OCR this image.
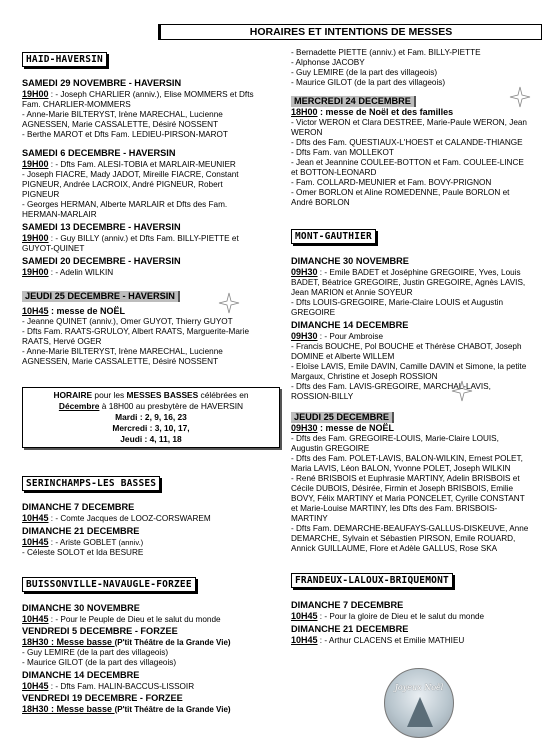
HORAIRES ET INTENTIONS DE MESSES
HAID-HAVERSIN
SAMEDI 29 NOVEMBRE - HAVERSIN
19H00 : - Joseph CHARLIER (anniv.), Elise MOMMERS et Dfts
Fam. CHARLIER-MOMMERS
- Anne-Marie BILTERYST, Irène MARECHAL, Lucienne
AGNESSEN, Marie CASSALETTE, Désiré NOSSENT
- Berthe MAROT et Dfts Fam. LEDIEU-PIRSON-MAROT
SAMEDI 6 DECEMBRE - HAVERSIN
19H00 : - Dfts Fam. ALESI-TOBIA et MARLAIR-MEUNIER
- Joseph FIACRE, Mady JADOT, Mireille FIACRE, Constant
PIGNEUR, Andrée LACROIX, André PIGNEUR, Robert
PIGNEUR
- Georges HERMAN, Alberte MARLAIR et Dfts des Fam.
HERMAN-MARLAIR
SAMEDI 13 DECEMBRE - HAVERSIN
19H00 : - Guy BILLY (anniv.) et Dfts Fam. BILLY-PIETTE et
GUYOT-QUINET
SAMEDI 20 DECEMBRE - HAVERSIN
19H00 : - Adelin WILKIN
JEUDI 25 DECEMBRE - HAVERSIN
10H45 : messe de NOËL
- Jeanne QUINET (anniv.), Omer GUYOT, Thierry GUYOT
- Dfts Fam. RAATS-GRULOY, Albert RAATS, Marguerite-Marie
RAATS, Hervé OGER
- Anne-Marie BILTERYST, Irène MARECHAL, Lucienne
AGNESSEN, Marie CASSALETTE, Désiré NOSSENT
HORAIRE pour les MESSES BASSES célébrées en
Décembre à 18H00 au presbytère de HAVERSIN
Mardi : 2, 9, 16, 23
Mercredi : 3, 10, 17,
Jeudi : 4, 11, 18
SERINCHAMPS-LES BASSES
DIMANCHE 7 DECEMBRE
10H45 : - Comte Jacques de LOOZ-CORSWAREM
DIMANCHE 21 DECEMBRE
10H45 : - Ariste GOBLET (anniv.)
- Céleste SOLOT et Ida BESURE
BUISSONVILLE-NAVAUGLE-FORZEE
DIMANCHE 30 NOVEMBRE
10H45 : - Pour le Peuple de Dieu et le salut du monde
VENDREDI 5 DECEMBRE - FORZEE
18H30 : Messe basse (P'tit Théâtre de la Grande Vie)
- Guy LEMIRE (de la part des villageois)
- Maurice GILOT (de la part des villageois)
DIMANCHE 14 DECEMBRE
10H45 : - Dfts Fam. HALIN-BACCUS-LISSOIR
VENDREDI 19 DECEMBRE - FORZEE
18H30 : Messe basse (P'tit Théâtre de la Grande Vie)
- Bernadette PIETTE (anniv.) et Fam. BILLY-PIETTE
- Alphonse JACOBY
- Guy LEMIRE (de la part des villageois)
- Maurice GILOT (de la part des villageois)
MERCREDI 24 DECEMBRE
18H00 : messe de Noël et des familles
- Victor WERON et Clara DESTREE, Marie-Paule WERON, Jean
WERON
- Dfts des Fam. QUESTIAUX-L'HOEST et CALANDE-THIANGE
- Dfts Fam. van MOLLEKOT
- Jean et Jeannine COULEE-BOTTON et Fam. COULEE-LINCE
et BOTTON-LEONARD
- Fam. COLLARD-MEUNIER et Fam. BOVY-PRIGNON
- Omer BORLON et Aline ROMEDENNE, Paule BORLON et
André BORLON
MONT-GAUTHIER
DIMANCHE 30 NOVEMBRE
09H30 : - Emile BADET et Joséphine GREGOIRE, Yves, Louis
BADET, Béatrice GREGOIRE, Justin GREGOIRE, Agnès LAVIS,
Jean MARION et Annie SOYEUR
- Dfts LOUIS-GREGOIRE, Marie-Claire LOUIS et Augustin
GREGOIRE
DIMANCHE 14 DECEMBRE
09H30 : - Pour Ambroise
- Francis BOUCHE, Pol BOUCHE et Thérèse CHABOT, Joseph
DOMINE et Alberte WILLEM
- Eloïse LAVIS, Emile DAVIN, Camille DAVIN et Simone, la petite
Margaux, Christine et Joseph ROSSION
- Dfts des Fam. LAVIS-GREGOIRE, MARCHAL-LAVIS,
ROSSION-BILLY
JEUDI 25 DECEMBRE
09H30 : messe de NOËL
- Dfts des Fam. GREGOIRE-LOUIS, Marie-Claire LOUIS,
Augustin GREGOIRE
- Dfts des Fam. POLET-LAVIS, BALON-WILKIN, Ernest POLET,
Maria LAVIS, Léon BALON, Yvonne POLET, Joseph WILKIN
- René BRISBOIS et Euphrasie MARTINY, Adelin BRISBOIS et
Cécile DUBOIS, Désirée, Firmin et Joseph BRISBOIS, Emilie
BOVY, Félix MARTINY et Maria PONCELET, Cyrille CONSTANT
et Marie-Louise MARTINY, les Dfts des Fam. BRISBOIS-
MARTINY
- Dfts Fam. DEMARCHE-BEAUFAYS-GALLUS-DISKEUVE, Anne
DEMARCHE, Sylvain et Sébastien PIRSON, Emile ROUARD,
Annick GUILLAUME, Flore et Adèle GALLUS, Rose SKA
FRANDEUX-LALOUX-BRIQUEMONT
DIMANCHE 7 DECEMBRE
10H45 : - Pour la gloire de Dieu et le salut du monde
DIMANCHE 21 DECEMBRE
10H45 : - Arthur CLACENS et Emilie MATHIEU
Joyeux Noël
